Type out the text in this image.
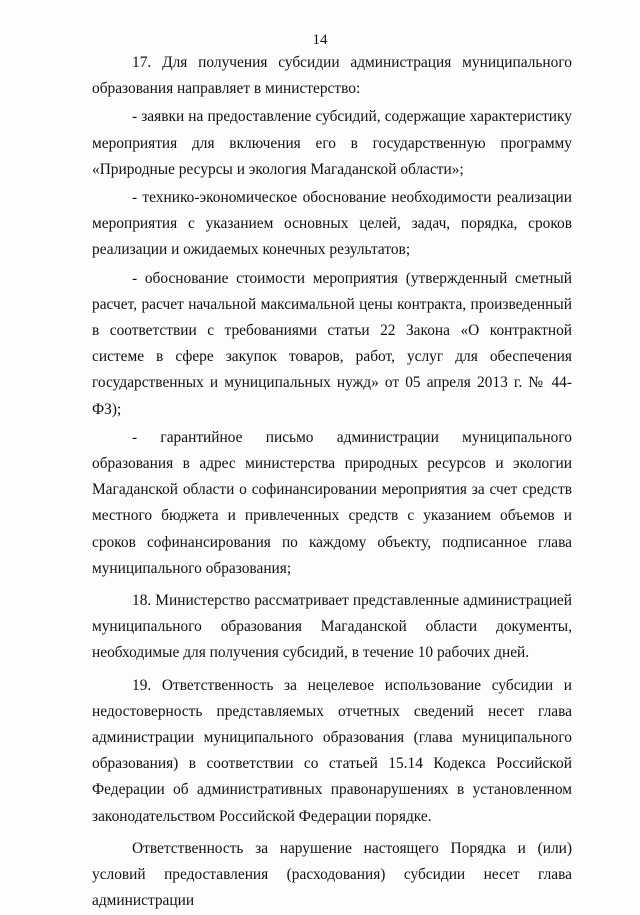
14

17. Для получения субсидии администрация муниципального образования направляет в министерство:

- заявки на предоставление субсидий, содержащие характеристику мероприятия для включения его в государственную программу «Природные ресурсы и экология Магаданской области»;

- технико-экономическое обоснование необходимости реализации мероприятия с указанием основных целей, задач, порядка, сроков реализации и ожидаемых конечных результатов;

- обоснование стоимости мероприятия (утвержденный сметный расчет, расчет начальной максимальной цены контракта, произведенный в соответствии с требованиями статьи 22 Закона «О контрактной системе в сфере закупок товаров, работ, услуг для обеспечения государственных и муниципальных нужд» от 05 апреля 2013 г. № 44-ФЗ);

- гарантийное письмо администрации муниципального образования в адрес министерства природных ресурсов и экологии Магаданской области о софинансировании мероприятия за счет средств местного бюджета и привлеченных средств с указанием объемов и сроков софинансирования по каждому объекту, подписанное глава муниципального образования;

18. Министерство рассматривает представленные администрацией муниципального образования Магаданской области документы, необходимые для получения субсидий, в течение 10 рабочих дней.

19. Ответственность за нецелевое использование субсидии и недостоверность представляемых отчетных сведений несет глава администрации муниципального образования (глава муниципального образования) в соответствии со статьей 15.14 Кодекса Российской Федерации об административных правонарушениях в установленном законодательством Российской Федерации порядке.

Ответственность за нарушение настоящего Порядка и (или) условий предоставления (расходования) субсидии несет глава администрации
